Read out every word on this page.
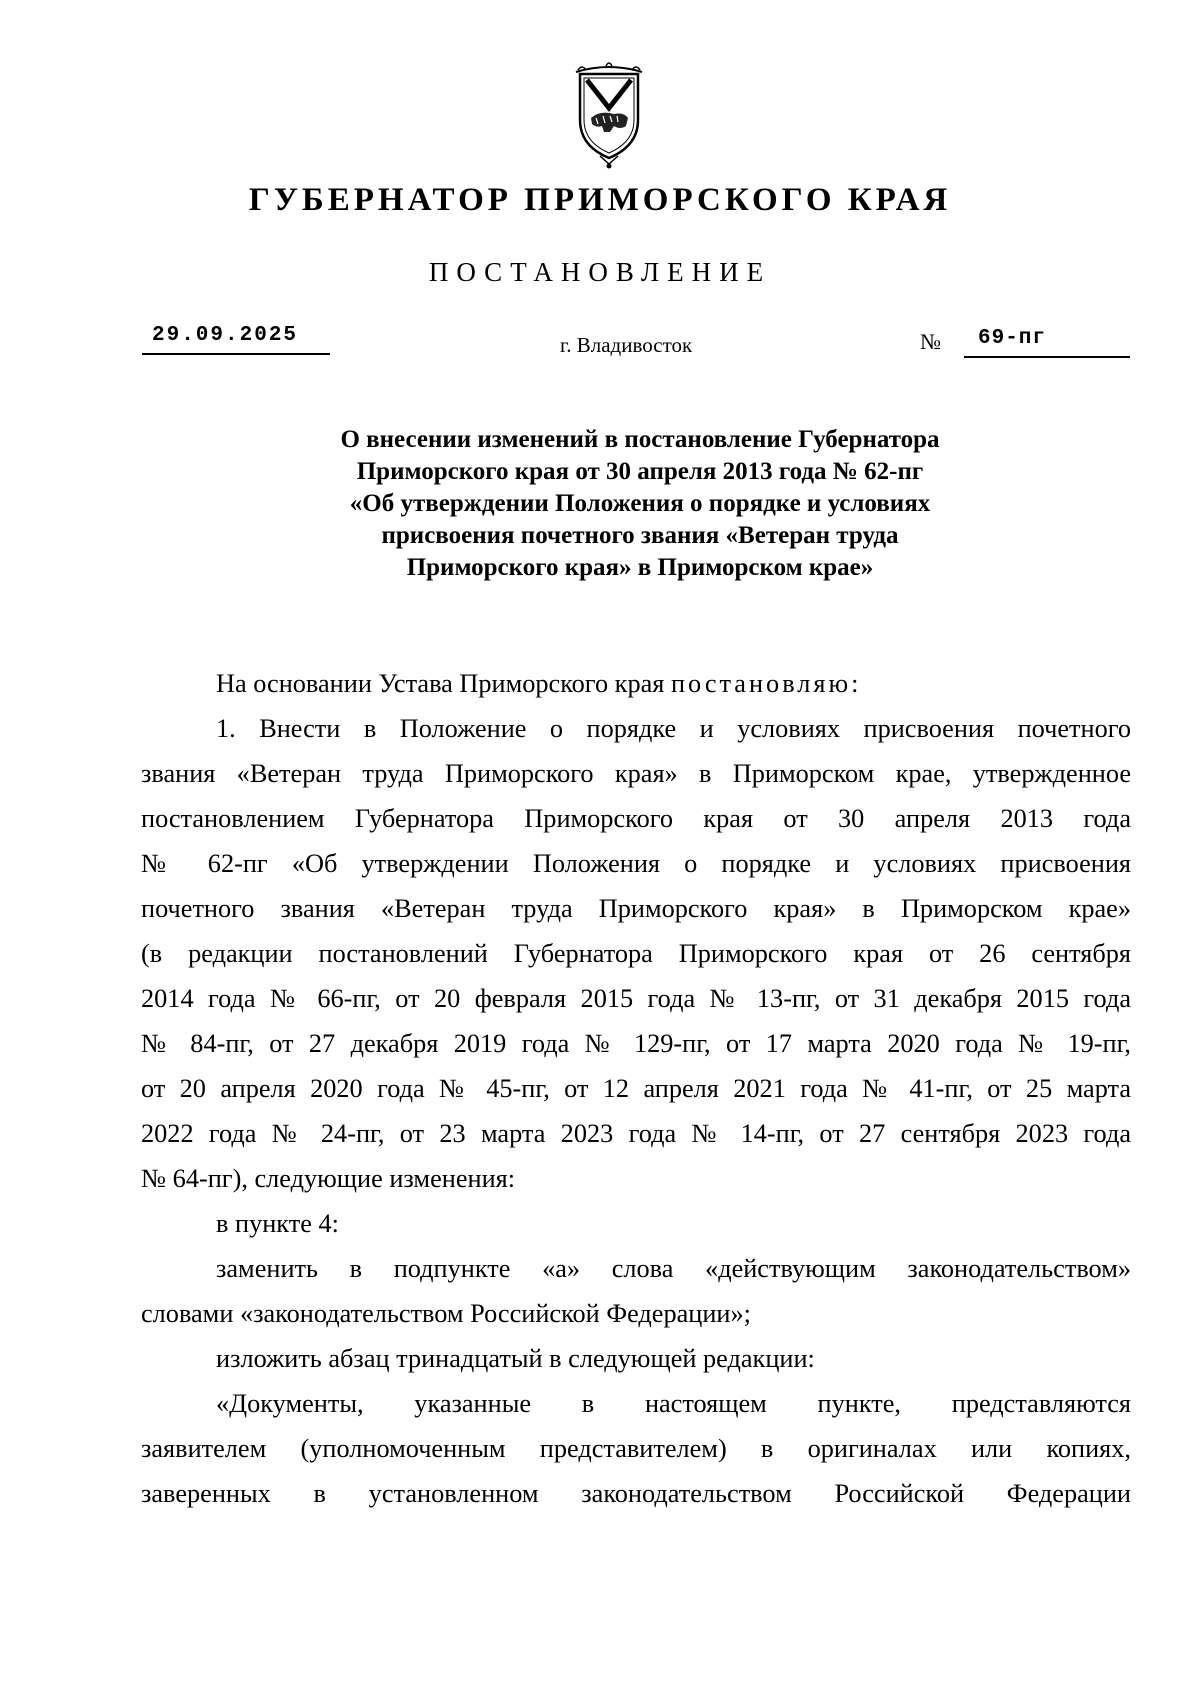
ГУБЕРНАТОР ПРИМОРСКОГО КРАЯ
ПОСТАНОВЛЕНИЕ
29.09.2025	г. Владивосток	№ 69-пг
О внесении изменений в постановление Губернатора
Приморского края от 30 апреля 2013 года № 62-пг
«Об утверждении Положения о порядке и условиях
присвоения почетного звания «Ветеран труда
Приморского края» в Приморском крае»
На основании Устава Приморского края постановляю:
1. Внести в Положение о порядке и условиях присвоения почетного
звания «Ветеран труда Приморского края» в Приморском крае, утвержденное
постановлением Губернатора Приморского края от 30 апреля 2013 года
№ 62-пг «Об утверждении Положения о порядке и условиях присвоения
почетного звания «Ветеран труда Приморского края» в Приморском крае»
(в редакции постановлений Губернатора Приморского края от 26 сентября
2014 года № 66-пг, от 20 февраля 2015 года № 13-пг, от 31 декабря 2015 года
№ 84-пг, от 27 декабря 2019 года № 129-пг, от 17 марта 2020 года № 19-пг,
от 20 апреля 2020 года № 45-пг, от 12 апреля 2021 года № 41-пг, от 25 марта
2022 года № 24-пг, от 23 марта 2023 года № 14-пг, от 27 сентября 2023 года
№ 64-пг), следующие изменения:
в пункте 4:
заменить в подпункте «а» слова «действующим законодательством»
словами «законодательством Российской Федерации»;
изложить абзац тринадцатый в следующей редакции:
«Документы, указанные в настоящем пункте, представляются
заявителем (уполномоченным представителем) в оригиналах или копиях,
заверенных в установленном законодательством Российской Федерации
